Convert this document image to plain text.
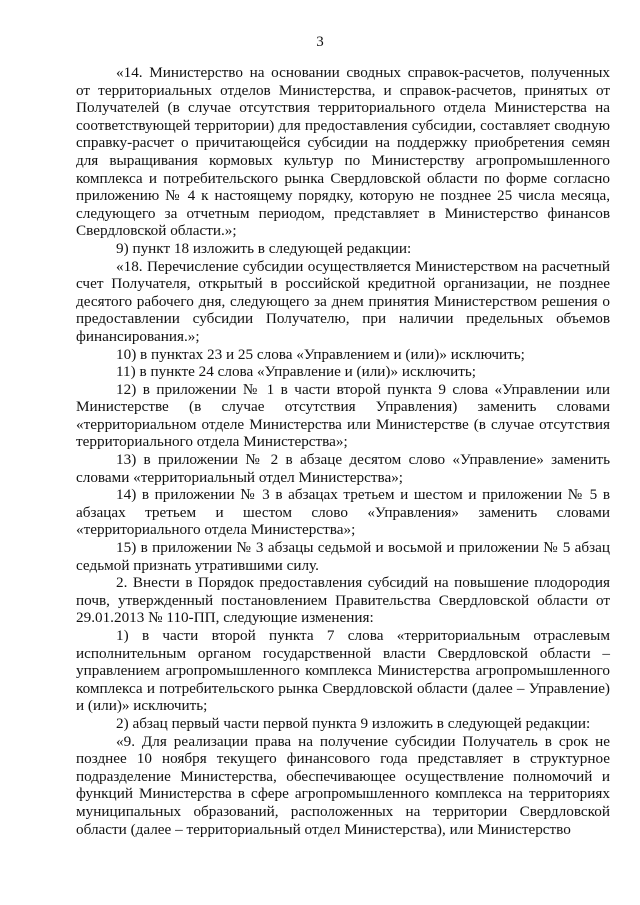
3

«14. Министерство на основании сводных справок-расчетов, полученных от территориальных отделов Министерства, и справок-расчетов, принятых от Получателей (в случае отсутствия территориального отдела Министерства на соответствующей территории) для предоставления субсидии, составляет сводную справку-расчет о причитающейся субсидии на поддержку приобретения семян для выращивания кормовых культур по Министерству агропромышленного комплекса и потребительского рынка Свердловской области по форме согласно приложению № 4 к настоящему порядку, которую не позднее 25 числа месяца, следующего за отчетным периодом, представляет в Министерство финансов Свердловской области.»;

9) пункт 18 изложить в следующей редакции:

«18. Перечисление субсидии осуществляется Министерством на расчетный счет Получателя, открытый в российской кредитной организации, не позднее десятого рабочего дня, следующего за днем принятия Министерством решения о предоставлении субсидии Получателю, при наличии предельных объемов финансирования.»;

10) в пунктах 23 и 25 слова «Управлением и (или)» исключить;

11) в пункте 24 слова «Управление и (или)» исключить;

12) в приложении № 1 в части второй пункта 9 слова «Управлении или Министерстве (в случае отсутствия Управления) заменить словами «территориальном отделе Министерства или Министерстве (в случае отсутствия территориального отдела Министерства»;

13) в приложении № 2 в абзаце десятом слово «Управление» заменить словами «территориальный отдел Министерства»;

14) в приложении № 3 в абзацах третьем и шестом и приложении № 5 в абзацах третьем и шестом слово «Управления» заменить словами «территориального отдела Министерства»;

15) в приложении № 3 абзацы седьмой и восьмой и приложении № 5 абзац седьмой признать утратившими силу.

2. Внести в Порядок предоставления субсидий на повышение плодородия почв, утвержденный постановлением Правительства Свердловской области от 29.01.2013 № 110-ПП, следующие изменения:

1) в части второй пункта 7 слова «территориальным отраслевым исполнительным органом государственной власти Свердловской области – управлением агропромышленного комплекса Министерства агропромышленного комплекса и потребительского рынка Свердловской области (далее – Управление) и (или)» исключить;

2) абзац первый части первой пункта 9 изложить в следующей редакции:

«9. Для реализации права на получение субсидии Получатель в срок не позднее 10 ноября текущего финансового года представляет в структурное подразделение Министерства, обеспечивающее осуществление полномочий и функций Министерства в сфере агропромышленного комплекса на территориях муниципальных образований, расположенных на территории Свердловской области (далее – территориальный отдел Министерства), или Министерство
